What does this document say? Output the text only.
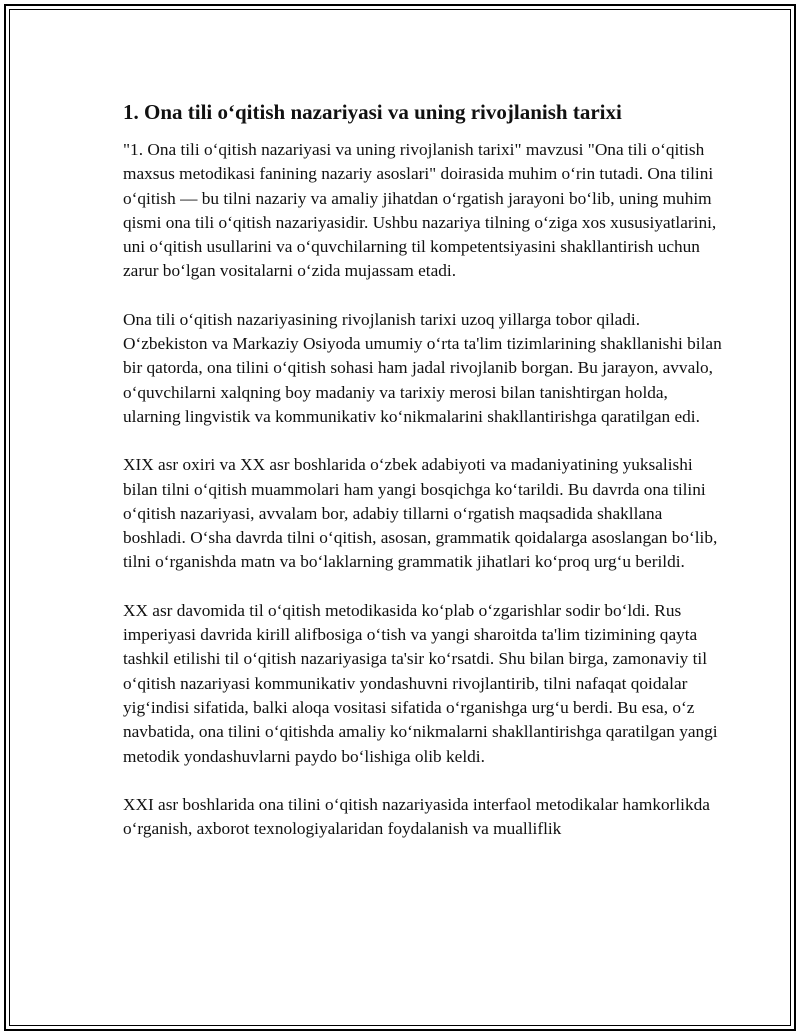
1. Ona tili o‘qitish nazariyasi va uning rivojlanish tarixi

"1. Ona tili o‘qitish nazariyasi va uning rivojlanish tarixi" mavzusi "Ona tili o‘qitish maxsus metodikasi fanining nazariy asoslari" doirasida muhim o‘rin tutadi. Ona tilini o‘qitish — bu tilni nazariy va amaliy jihatdan o‘rgatish jarayoni bo‘lib, uning muhim qismi ona tili o‘qitish nazariyasidir. Ushbu nazariya tilning o‘ziga xos xususiyatlarini, uni o‘qitish usullarini va o‘quvchilarning til kompetentsiyasini shakllantirish uchun zarur bo‘lgan vositalarni o‘zida mujassam etadi.

Ona tili o‘qitish nazariyasining rivojlanish tarixi uzoq yillarga tobor qiladi. O‘zbekiston va Markaziy Osiyoda umumiy o‘rta ta'lim tizimlarining shakllanishi bilan bir qatorda, ona tilini o‘qitish sohasi ham jadal rivojlanib borgan. Bu jarayon, avvalo, o‘quvchilarni xalqning boy madaniy va tarixiy merosi bilan tanishtirgan holda, ularning lingvistik va kommunikativ ko‘nikmalarini shakllantirishga qaratilgan edi.

XIX asr oxiri va XX asr boshlarida o‘zbek adabiyoti va madaniyatining yuksalishi bilan tilni o‘qitish muammolari ham yangi bosqichga ko‘tarildi. Bu davrda ona tilini o‘qitish nazariyasi, avvalam bor, adabiy tillarni o‘rgatish maqsadida shakllana boshladi. O‘sha davrda tilni o‘qitish, asosan, grammatik qoidalarga asoslangan bo‘lib, tilni o‘rganishda matn va bo‘laklarning grammatik jihatlari ko‘proq urg‘u berildi.

XX asr davomida til o‘qitish metodikasida ko‘plab o‘zgarishlar sodir bo‘ldi. Rus imperiyasi davrida kirill alifbosiga o‘tish va yangi sharoitda ta'lim tizimining qayta tashkil etilishi til o‘qitish nazariyasiga ta'sir ko‘rsatdi. Shu bilan birga, zamonaviy til o‘qitish nazariyasi kommunikativ yondashuvni rivojlantirib, tilni nafaqat qoidalar yig‘indisi sifatida, balki aloqa vositasi sifatida o‘rganishga urg‘u berdi. Bu esa, o‘z navbatida, ona tilini o‘qitishda amaliy ko‘nikmalarni shakllantirishga qaratilgan yangi metodik yondashuvlarni paydo bo‘lishiga olib keldi.

XXI asr boshlarida ona tilini o‘qitish nazariyasida interfaol metodikalar hamkorlikda o‘rganish, axborot texnologiyalaridan foydalanish va mualliflik
